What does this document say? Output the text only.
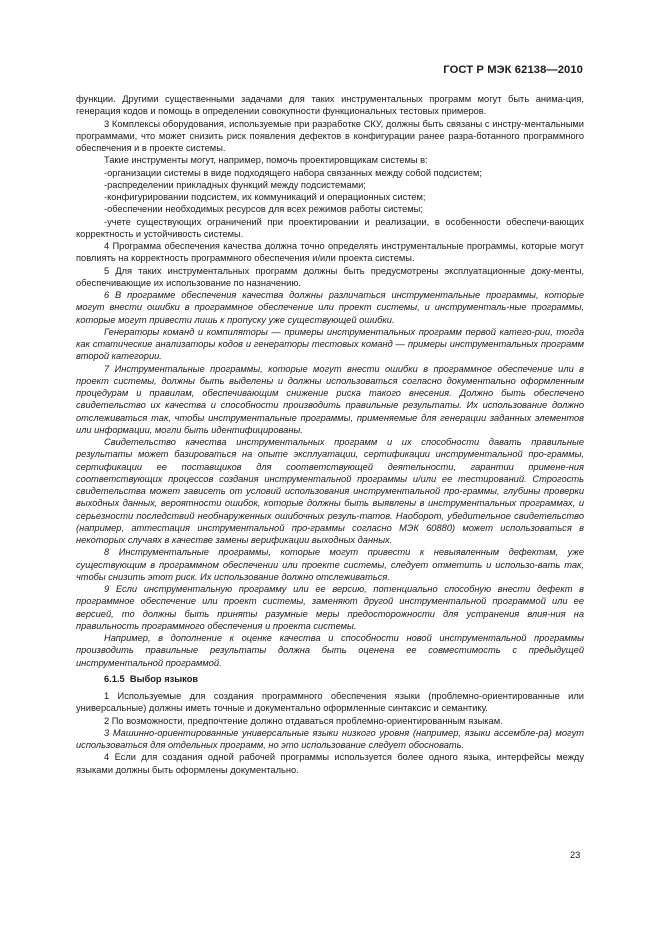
ГОСТ Р МЭК 62138—2010

функции. Другими существенными задачами для таких инструментальных программ могут быть анима-ция, генерация кодов и помощь в определении совокупности функциональных тестовых примеров.

3 Комплексы оборудования, используемые при разработке СКУ, должны быть связаны с инстру-ментальными программами, что может снизить риск появления дефектов в конфигурации ранее разра-ботанного программного обеспечения и в проекте системы.

Такие инструменты могут, например, помочь проектировщикам системы в:

-организации системы в виде подходящего набора связанных между собой подсистем;

-распределении прикладных функций между подсистемами;

-конфигурировании подсистем, их коммуникаций и операционных систем;

-обеспечении необходимых ресурсов для всех режимов работы системы;

-учете существующих ограничений при проектировании и реализации, в особенности обеспечи-вающих корректность и устойчивость системы.

4 Программа обеспечения качества должна точно определять инструментальные программы, которые могут повлиять на корректность программного обеспечения и/или проекта системы.

5 Для таких инструментальных программ должны быть предусмотрены эксплуатационные доку-менты, обеспечивающие их использование по назначению.

6 В программе обеспечения качества должны различаться инструментальные программы, которые могут внести ошибки в программное обеспечение или проект системы, и инструменталь-ные программы, которые могут привести лишь к пропуску уже существующей ошибки.

Генераторы команд и компиляторы — примеры инструментальных программ первой катего-рии, тогда как статические анализаторы кодов и генераторы тестовых команд — примеры инструментальных программ второй категории.

7 Инструментальные программы, которые могут внести ошибки в программное обеспечение или в проект системы, должны быть выделены и должны использоваться согласно документально оформленным процедурам и правилам, обеспечивающим снижение риска такого внесения. Должно быть обеспечено свидетельство их качества и способности производить правильные результаты. Их использование должно отслеживаться так, чтобы инструментальные программы, применяемые для генерации заданных элементов или информации, могли быть идентифицированы.

Свидетельство качества инструментальных программ и их способности давать правильные результаты может базироваться на опыте эксплуатации, сертификации инструментальной про-граммы, сертификации ее поставщиков для соответствующей деятельности, гарантии примене-ния соответствующих процессов создания инструментальной программы и/или ее тестирований. Строгость свидетельства может зависеть от условий использования инструментальной про-граммы, глубины проверки выходных данных, вероятности ошибок, которые должны быть выявлены в инструментальных программах, и серьезности последствий необнаруженных ошибочных резуль-татов. Наоборот, убедительное свидетельство (например, аттестация инструментальной про-граммы согласно МЭК 60880) может использоваться в некоторых случаях в качестве замены верификации выходных данных.

8 Инструментальные программы, которые могут привести к невыявленным дефектам, уже существующим в программном обеспечении или проекте системы, следует отметить и использо-вать так, чтобы снизить этот риск. Их использование должно отслеживаться.

9 Если инструментальную программу или ее версию, потенциально способную внести дефект в программное обеспечение или проект системы, заменяют другой инструментальной программой или ее версией, то должны быть приняты разумные меры предосторожности для устранения влия-ния на правильность программного обеспечения и проекта системы.

Например, в дополнение к оценке качества и способности новой инструментальной программы производить правильные результаты должна быть оценена ее совместимость с предыдущей инструментальной программой.

6.1.5 Выбор языков

1 Используемые для создания программного обеспечения языки (проблемно-ориентированные или универсальные) должны иметь точные и документально оформленные синтаксис и семантику.

2 По возможности, предпочтение должно отдаваться проблемно-ориентированным языкам.

3 Машинно-ориентированные универсальные языки низкого уровня (например, языки ассембле-ра) могут использоваться для отдельных программ, но это использование следует обосновать.

4 Если для создания одной рабочей программы используется более одного языка, интерфейсы между языками должны быть оформлены документально.

23
